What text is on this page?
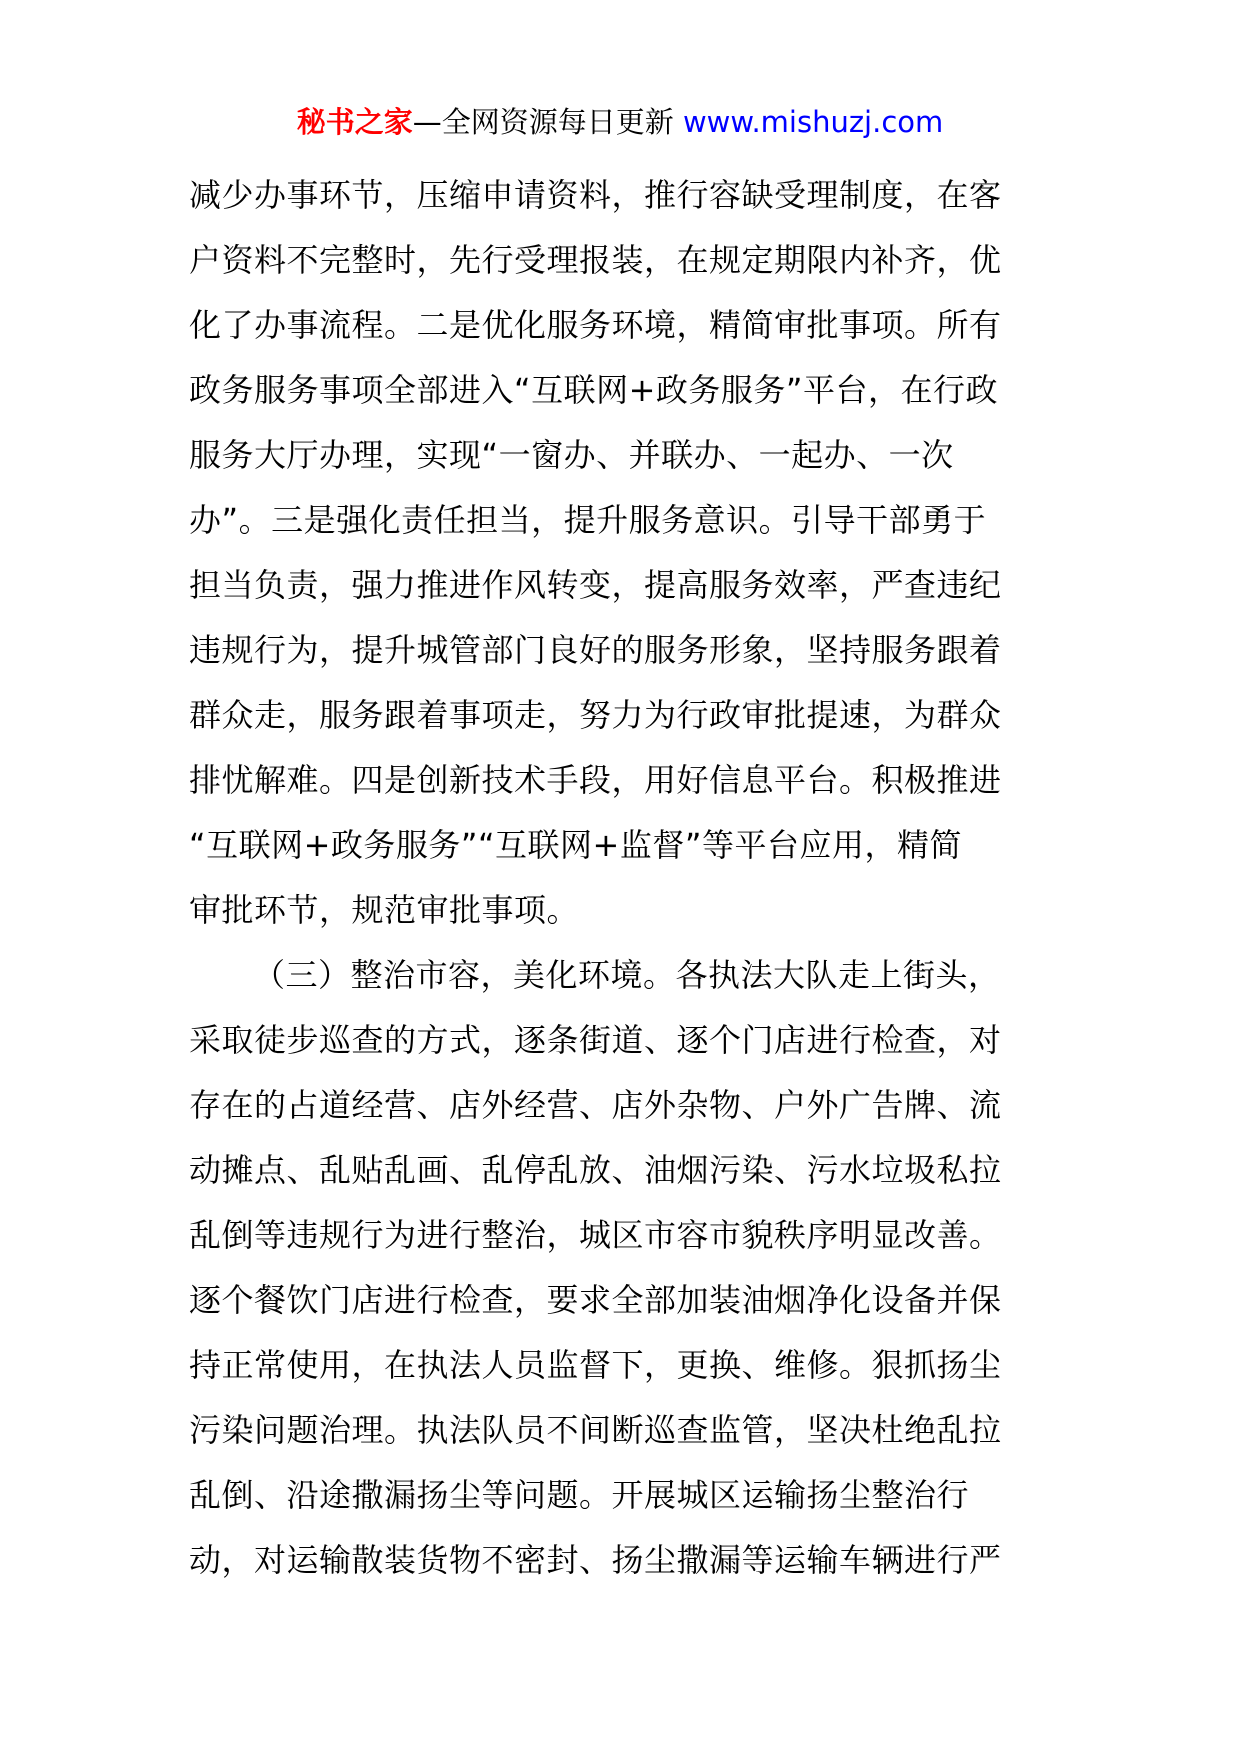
秘书之家—全网资源每日更新 www.mishuzj.com
减少办事环节，压缩申请资料，推行容缺受理制度，在客
户资料不完整时，先行受理报装，在规定期限内补齐，优
化了办事流程。二是优化服务环境，精简审批事项。所有
政务服务事项全部进入“互联网+政务服务”平台，在行政
服务大厅办理，实现“一窗办、并联办、一起办、一次
办”。三是强化责任担当，提升服务意识。引导干部勇于
担当负责，强力推进作风转变，提高服务效率，严查违纪
违规行为，提升城管部门良好的服务形象，坚持服务跟着
群众走，服务跟着事项走，努力为行政审批提速，为群众
排忧解难。四是创新技术手段，用好信息平台。积极推进
“互联网+政务服务”“互联网+监督”等平台应用，精简
审批环节，规范审批事项。
（三）整治市容，美化环境。各执法大队走上街头，
采取徒步巡查的方式，逐条街道、逐个门店进行检查，对
存在的占道经营、店外经营、店外杂物、户外广告牌、流
动摊点、乱贴乱画、乱停乱放、油烟污染、污水垃圾私拉
乱倒等违规行为进行整治，城区市容市貌秩序明显改善。
逐个餐饮门店进行检查，要求全部加装油烟净化设备并保
持正常使用，在执法人员监督下，更换、维修。狠抓扬尘
污染问题治理。执法队员不间断巡查监管，坚决杜绝乱拉
乱倒、沿途撒漏扬尘等问题。开展城区运输扬尘整治行
动，对运输散装货物不密封、扬尘撒漏等运输车辆进行严
